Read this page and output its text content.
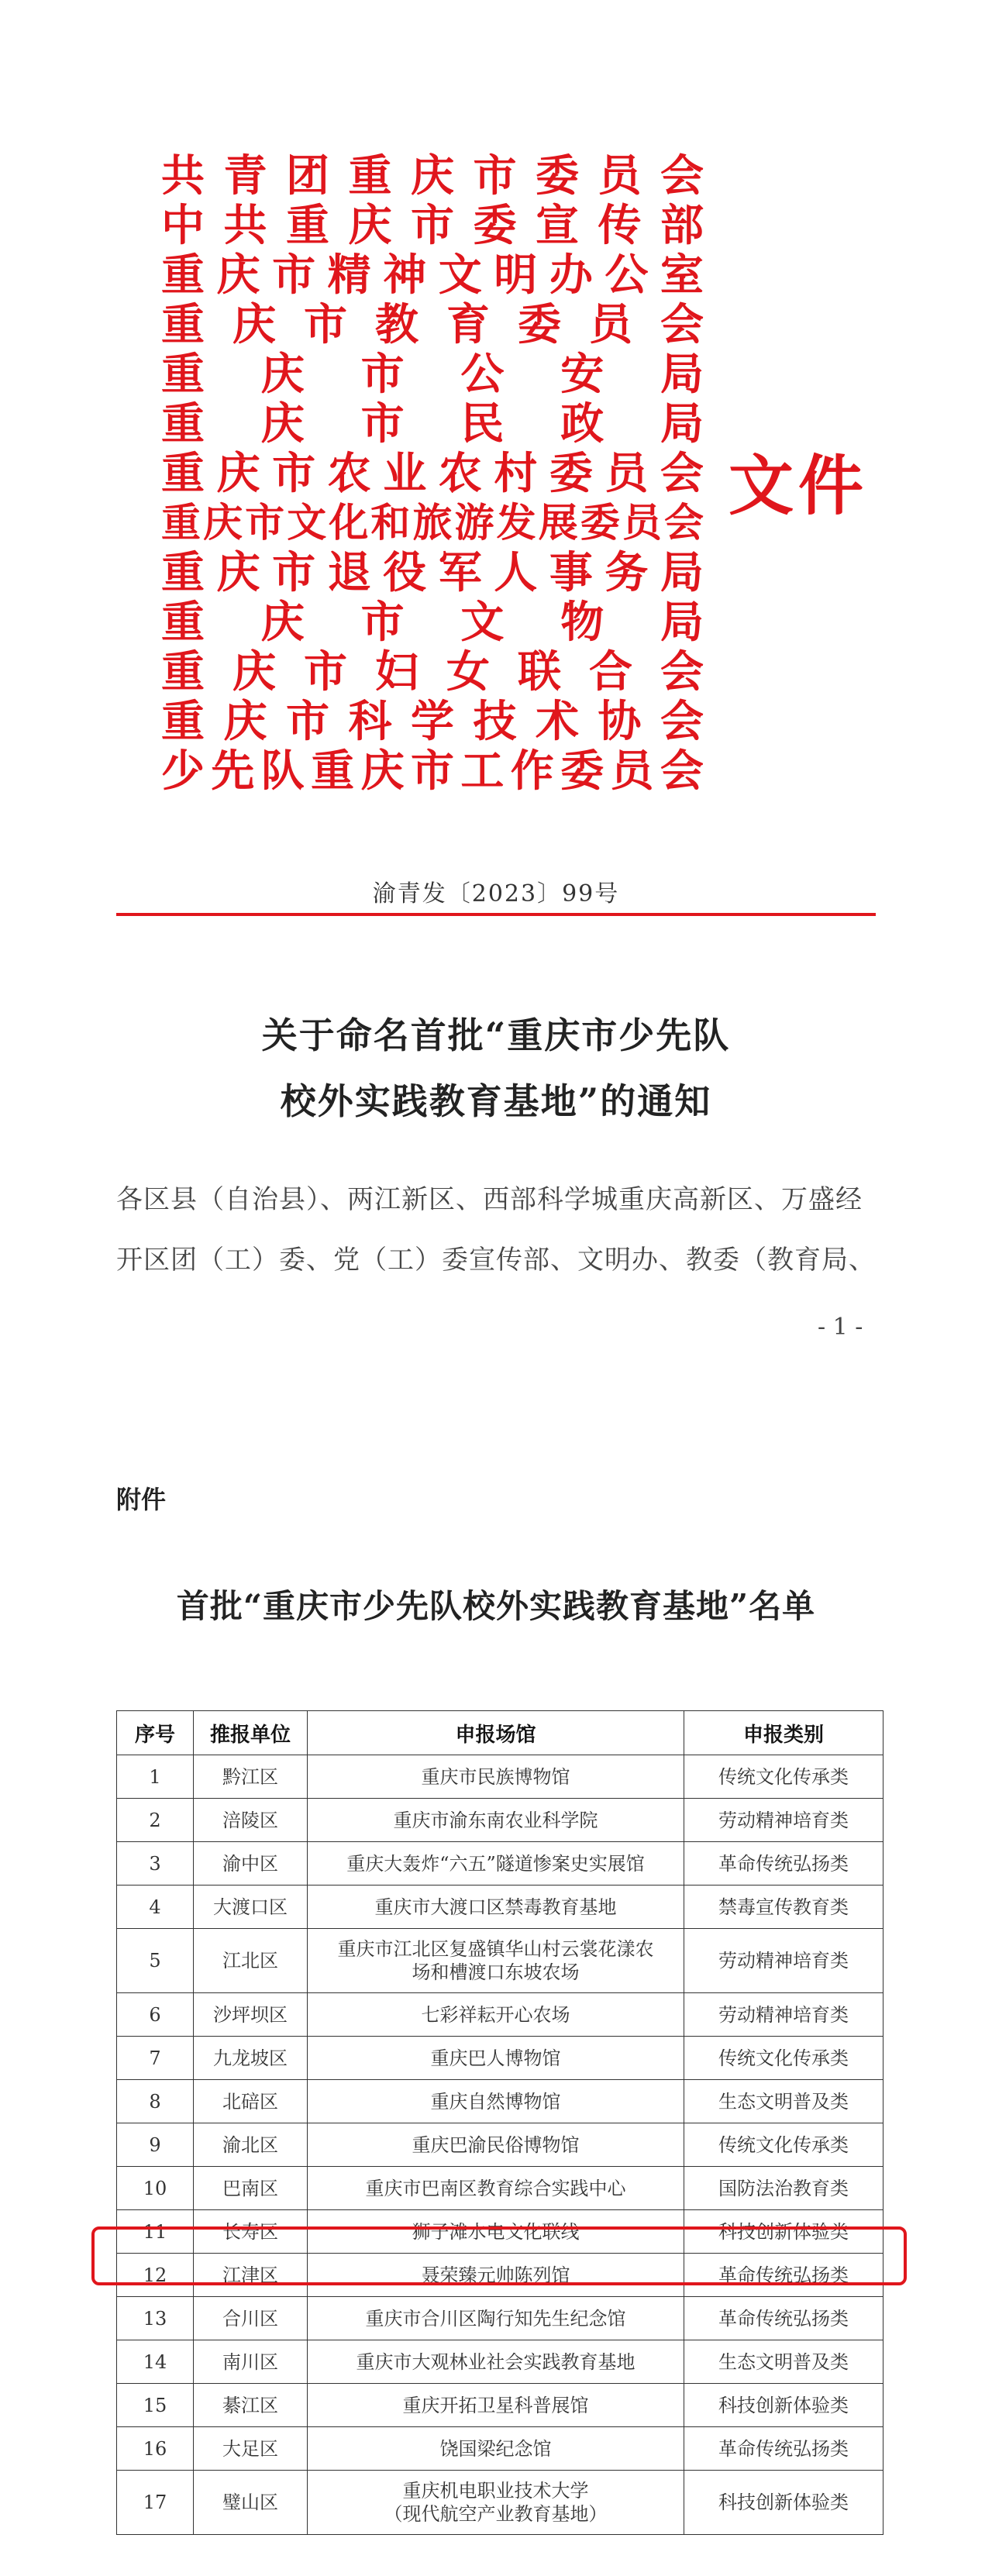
共 青 团 重 庆 市 委 员 会
中 共 重 庆 市 委 宣 传 部
重 庆 市 精 神 文 明 办 公 室
重 庆 市 教 育 委 员 会
重 庆 市 公 安 局
重 庆 市 民 政 局
重 庆 市 农 业 农 村 委 员 会
重 庆 市 文 化 和 旅 游 发 展 委 员 会
重 庆 市 退 役 军 人 事 务 局
重 庆 市 文 物 局
重 庆 市 妇 女 联 合 会
重 庆 市 科 学 技 术 协 会
少 先 队 重 庆 市 工 作 委 员 会
文件
渝青发〔2023〕99号
关于命名首批“重庆市少先队
校外实践教育基地”的通知
各区县（自治县）、两江新区、西部科学城重庆高新区、万盛经
开区团（工）委、党（工）委宣传部、文明办、教委（教育局、
- 1 -
附件
首批“重庆市少先队校外实践教育基地”名单
序号	推报单位	申报场馆	申报类别
1	黔江区	重庆市民族博物馆	传统文化传承类
2	涪陵区	重庆市渝东南农业科学院	劳动精神培育类
3	渝中区	重庆大轰炸“六五”隧道惨案史实展馆	革命传统弘扬类
4	大渡口区	重庆市大渡口区禁毒教育基地	禁毒宣传教育类
5	江北区	重庆市江北区复盛镇华山村云裳花漾农
场和槽渡口东坡农场	劳动精神培育类
6	沙坪坝区	七彩祥耘开心农场	劳动精神培育类
7	九龙坡区	重庆巴人博物馆	传统文化传承类
8	北碚区	重庆自然博物馆	生态文明普及类
9	渝北区	重庆巴渝民俗博物馆	传统文化传承类
10	巴南区	重庆市巴南区教育综合实践中心	国防法治教育类
11	长寿区	狮子滩水电文化联线	科技创新体验类
12	江津区	聂荣臻元帅陈列馆	革命传统弘扬类
13	合川区	重庆市合川区陶行知先生纪念馆	革命传统弘扬类
14	南川区	重庆市大观林业社会实践教育基地	生态文明普及类
15	綦江区	重庆开拓卫星科普展馆	科技创新体验类
16	大足区	饶国梁纪念馆	革命传统弘扬类
17	璧山区	重庆机电职业技术大学
（现代航空产业教育基地）	科技创新体验类
